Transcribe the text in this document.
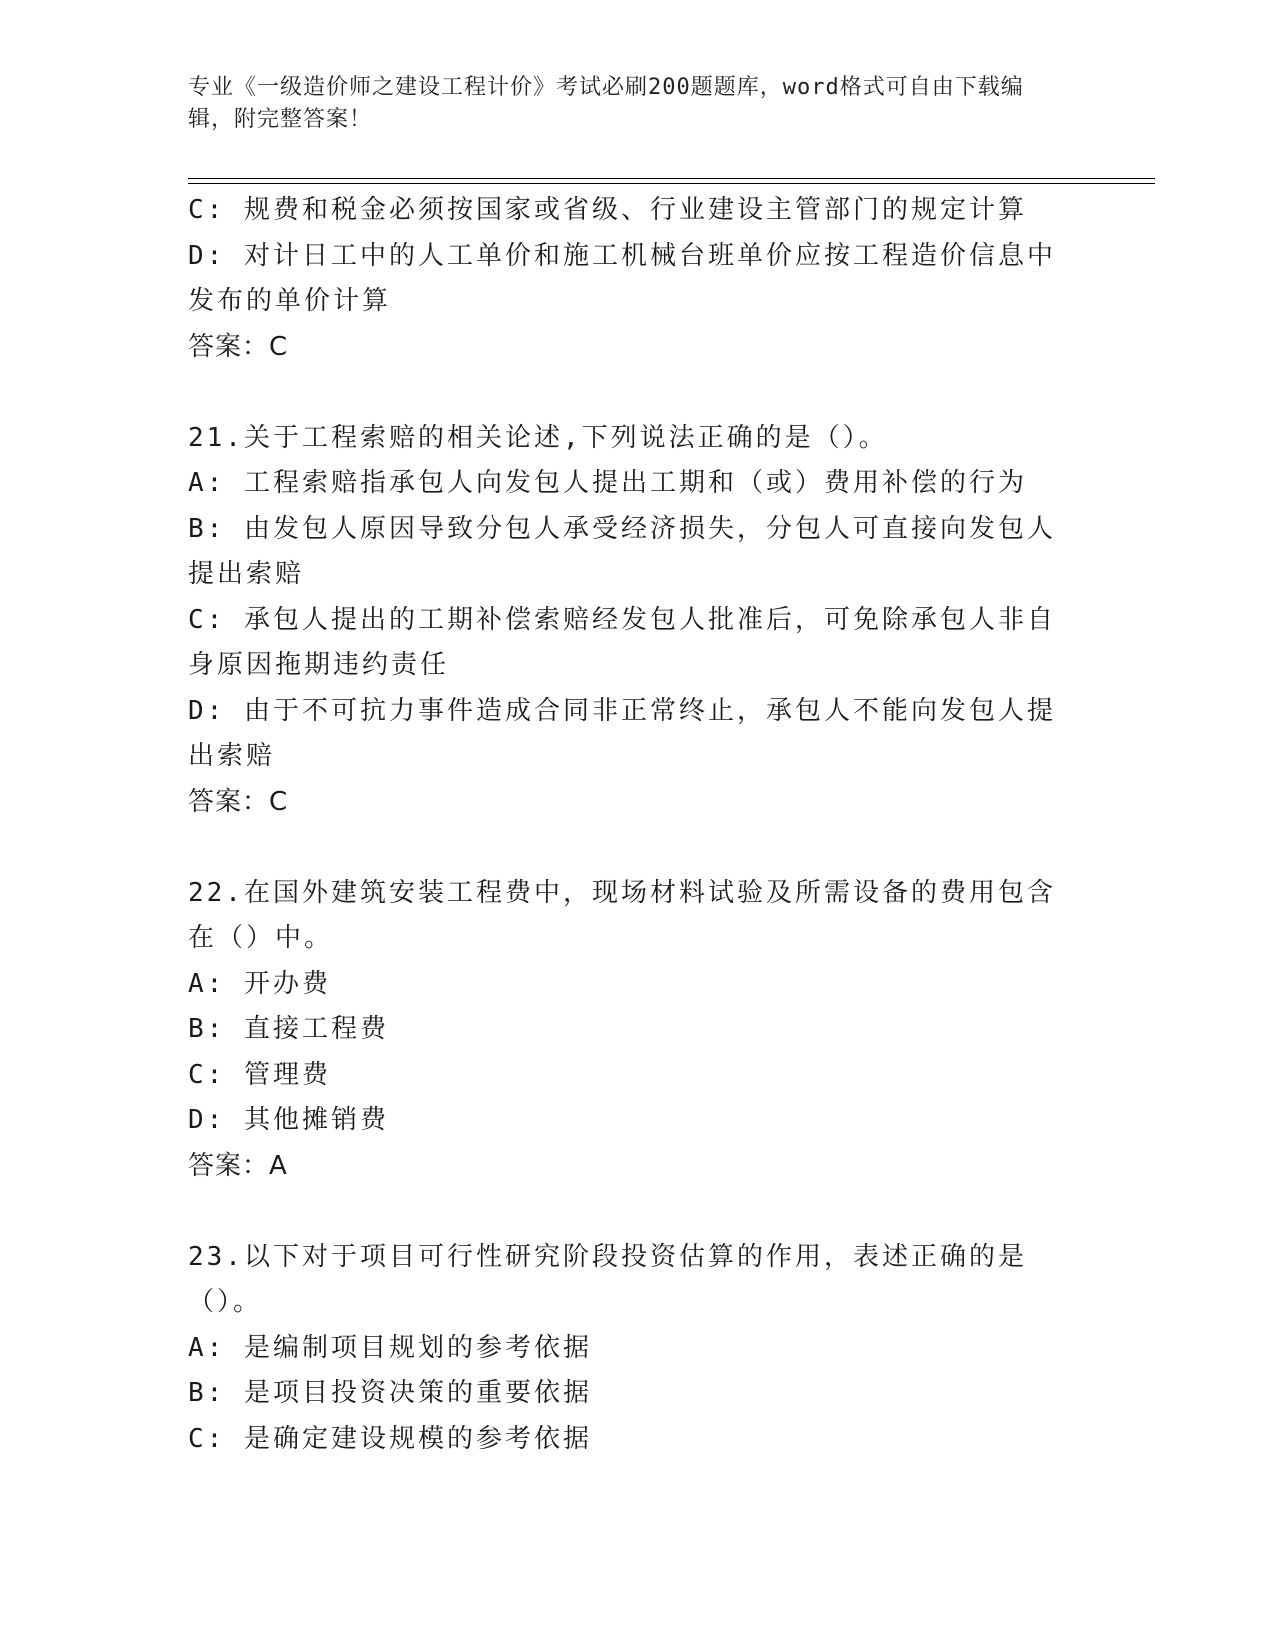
专业《一级造价师之建设工程计价》考试必刷200题题库，word格式可自由下载编辑，附完整答案！

C: 规费和税金必须按国家或省级、行业建设主管部门的规定计算

D: 对计日工中的人工单价和施工机械台班单价应按工程造价信息中发布的单价计算

答案：C

21.关于工程索赔的相关论述,下列说法正确的是（）。

A: 工程索赔指承包人向发包人提出工期和（或）费用补偿的行为

B: 由发包人原因导致分包人承受经济损失，分包人可直接向发包人提出索赔

C: 承包人提出的工期补偿索赔经发包人批准后，可免除承包人非自身原因拖期违约责任

D: 由于不可抗力事件造成合同非正常终止，承包人不能向发包人提出索赔

答案：C

22.在国外建筑安装工程费中，现场材料试验及所需设备的费用包含在（）中。

A: 开办费

B: 直接工程费

C: 管理费

D: 其他摊销费

答案：A

23.以下对于项目可行性研究阶段投资估算的作用，表述正确的是（）。

A: 是编制项目规划的参考依据

B: 是项目投资决策的重要依据

C: 是确定建设规模的参考依据
